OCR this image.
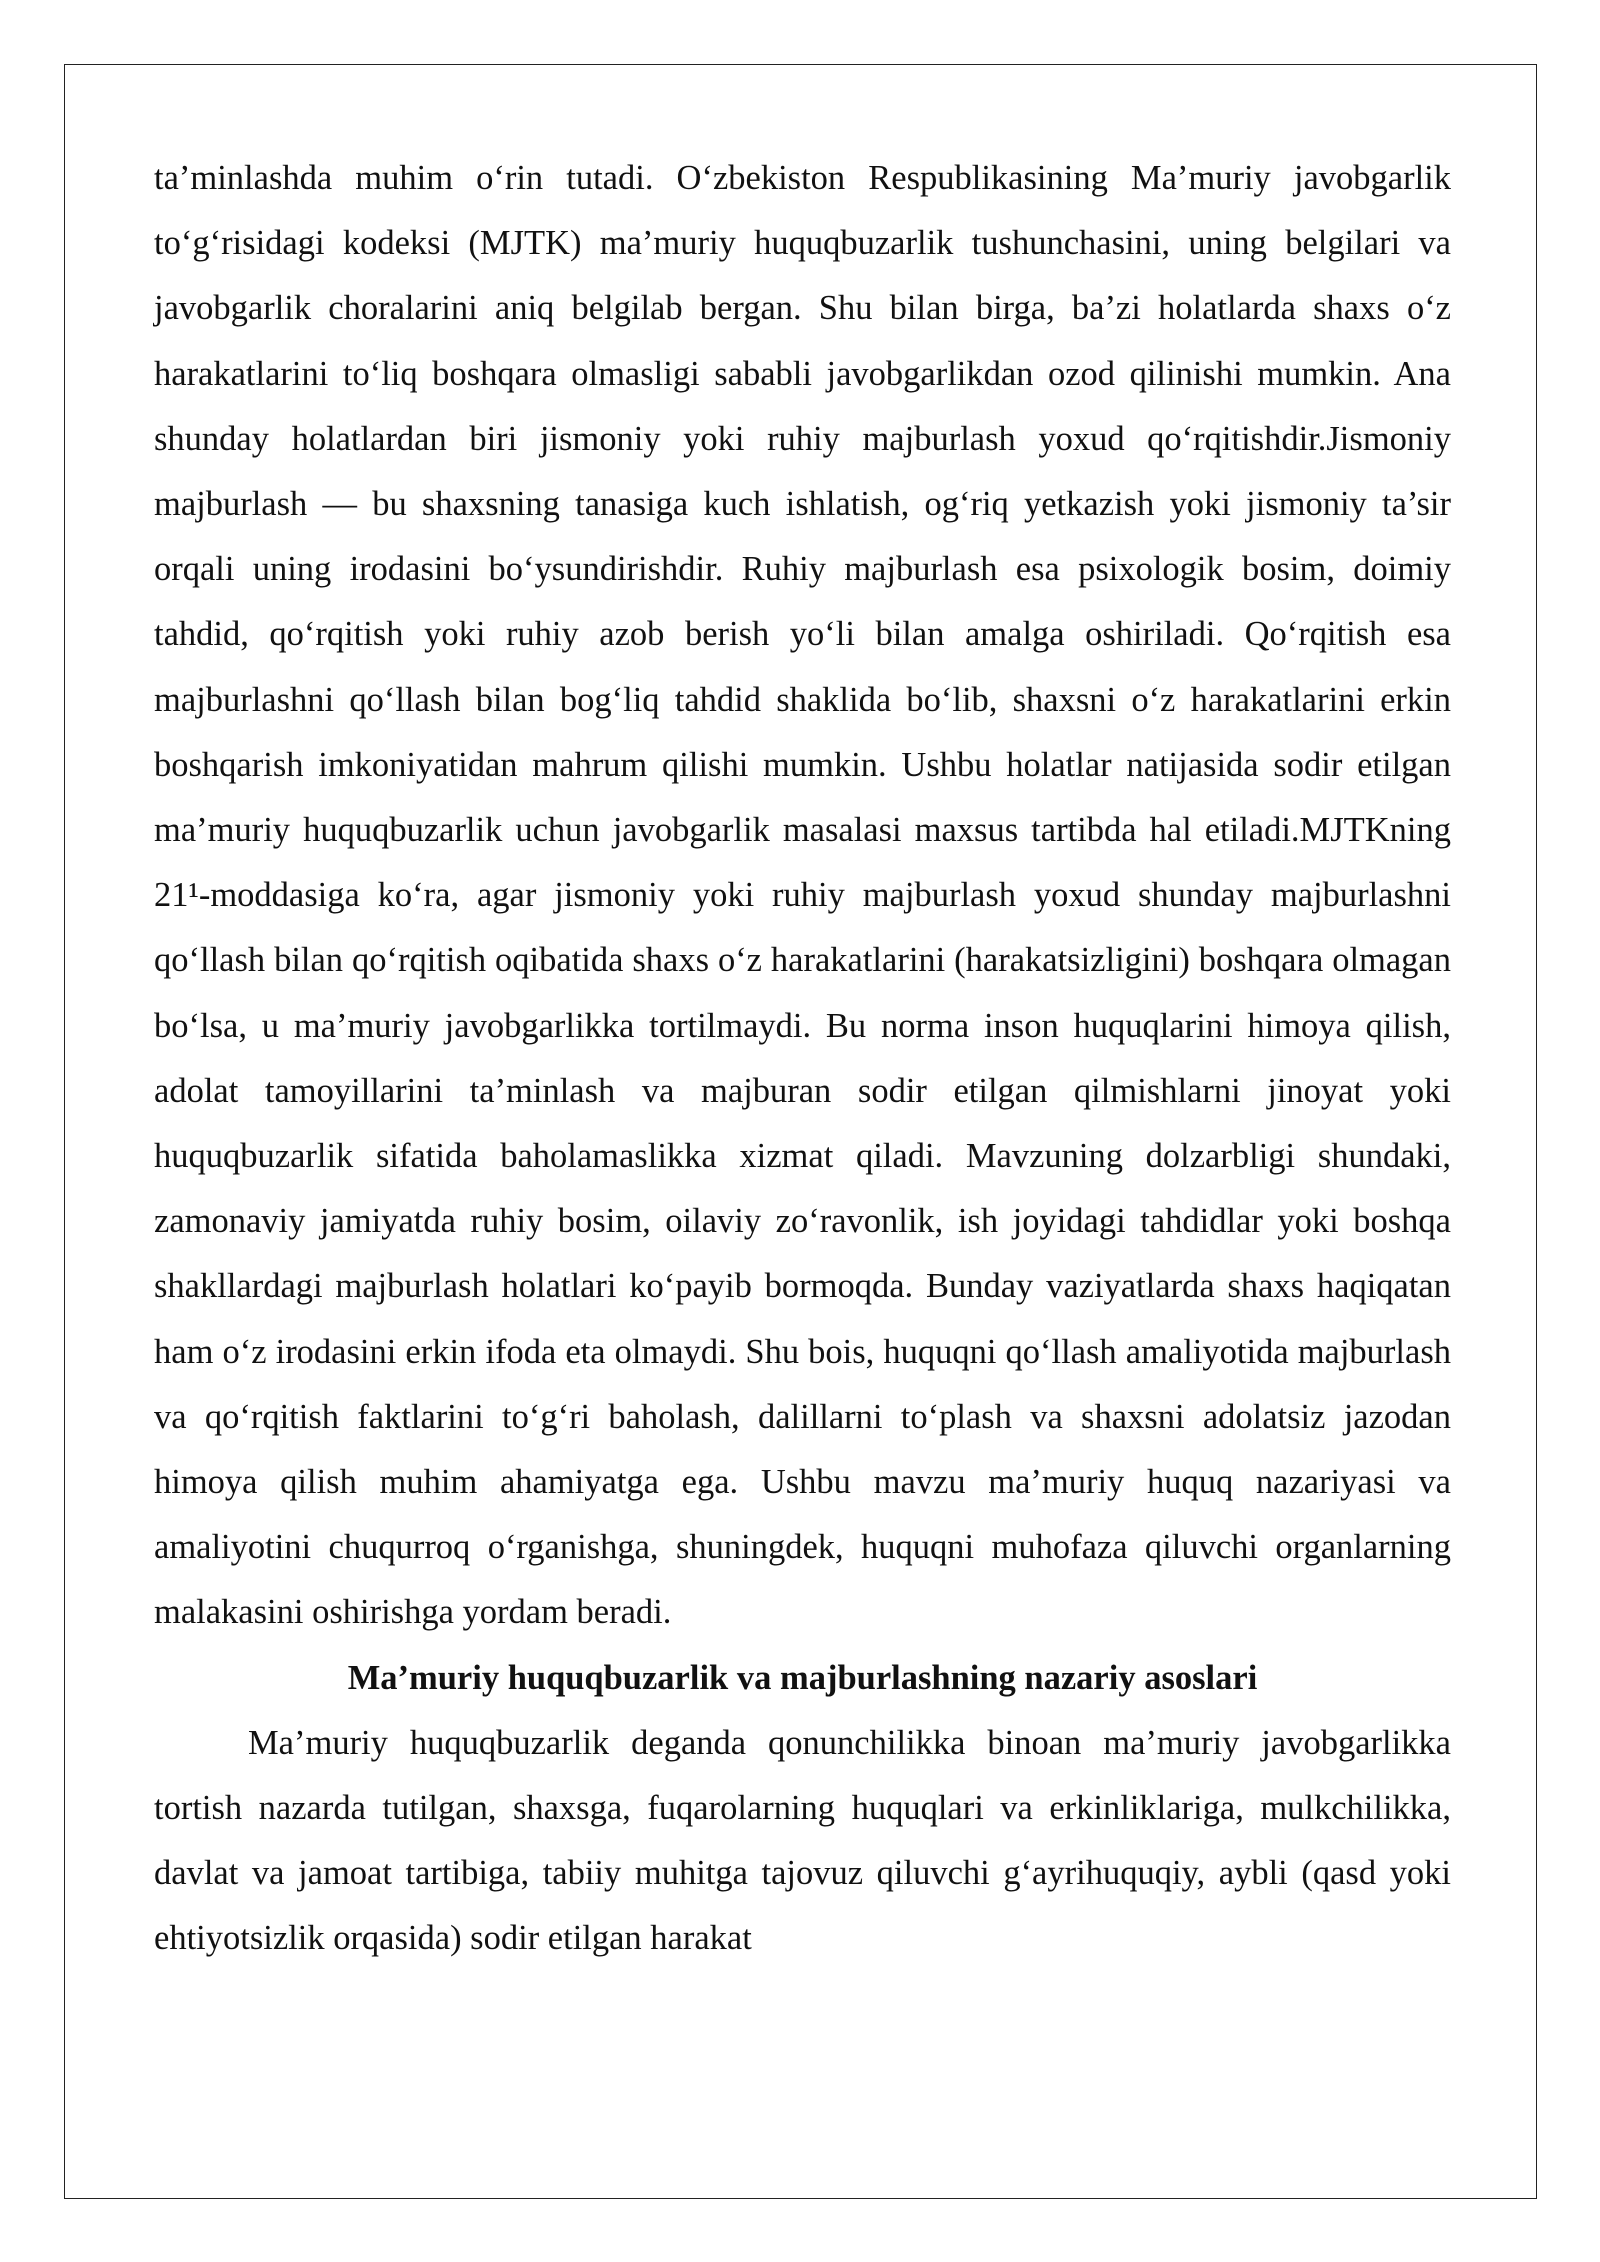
ta’minlashda muhim o‘rin tutadi. O‘zbekiston Respublikasining Ma’muriy javobgarlik to‘g‘risidagi kodeksi (MJTK) ma’muriy huquqbuzarlik tushunchasini, uning belgilari va javobgarlik choralarini aniq belgilab bergan. Shu bilan birga, ba’zi holatlarda shaxs o‘z harakatlarini to‘liq boshqara olmasligi sababli javobgarlikdan ozod qilinishi mumkin. Ana shunday holatlardan biri jismoniy yoki ruhiy majburlash yoxud qo‘rqitishdir.Jismoniy majburlash — bu shaxsning tanasiga kuch ishlatish, og‘riq yetkazish yoki jismoniy ta’sir orqali uning irodasini bo‘ysundirishdir. Ruhiy majburlash esa psixologik bosim, doimiy tahdid, qo‘rqitish yoki ruhiy azob berish yo‘li bilan amalga oshiriladi. Qo‘rqitish esa majburlashni qo‘llash bilan bog‘liq tahdid shaklida bo‘lib, shaxsni o‘z harakatlarini erkin boshqarish imkoniyatidan mahrum qilishi mumkin. Ushbu holatlar natijasida sodir etilgan ma’muriy huquqbuzarlik uchun javobgarlik masalasi maxsus tartibda hal etiladi.MJTKning 21¹-moddasiga ko‘ra, agar jismoniy yoki ruhiy majburlash yoxud shunday majburlashni qo‘llash bilan qo‘rqitish oqibatida shaxs o‘z harakatlarini (harakatsizligini) boshqara olmagan bo‘lsa, u ma’muriy javobgarlikka tortilmaydi. Bu norma inson huquqlarini himoya qilish, adolat tamoyillarini ta’minlash va majburan sodir etilgan qilmishlarni jinoyat yoki huquqbuzarlik sifatida baholamaslikka xizmat qiladi. Mavzuning dolzarbligi shundaki, zamonaviy jamiyatda ruhiy bosim, oilaviy zo‘ravonlik, ish joyidagi tahdidlar yoki boshqa shakllardagi majburlash holatlari ko‘payib bormoqda. Bunday vaziyatlarda shaxs haqiqatan ham o‘z irodasini erkin ifoda eta olmaydi. Shu bois, huquqni qo‘llash amaliyotida majburlash va qo‘rqitish faktlarini to‘g‘ri baholash, dalillarni to‘plash va shaxsni adolatsiz jazodan himoya qilish muhim ahamiyatga ega. Ushbu mavzu ma’muriy huquq nazariyasi va amaliyotini chuqurroq o‘rganishga, shuningdek, huquqni muhofaza qiluvchi organlarning malakasini oshirishga yordam beradi.

Ma’muriy huquqbuzarlik va majburlashning nazariy asoslari

Ma’muriy huquqbuzarlik deganda qonunchilikka binoan ma’muriy javobgarlikka tortish nazarda tutilgan, shaxsga, fuqarolarning huquqlari va erkinliklariga, mulkchilikka, davlat va jamoat tartibiga, tabiiy muhitga tajovuz qiluvchi g‘ayrihuquqiy, aybli (qasd yoki ehtiyotsizlik orqasida) sodir etilgan harakat
